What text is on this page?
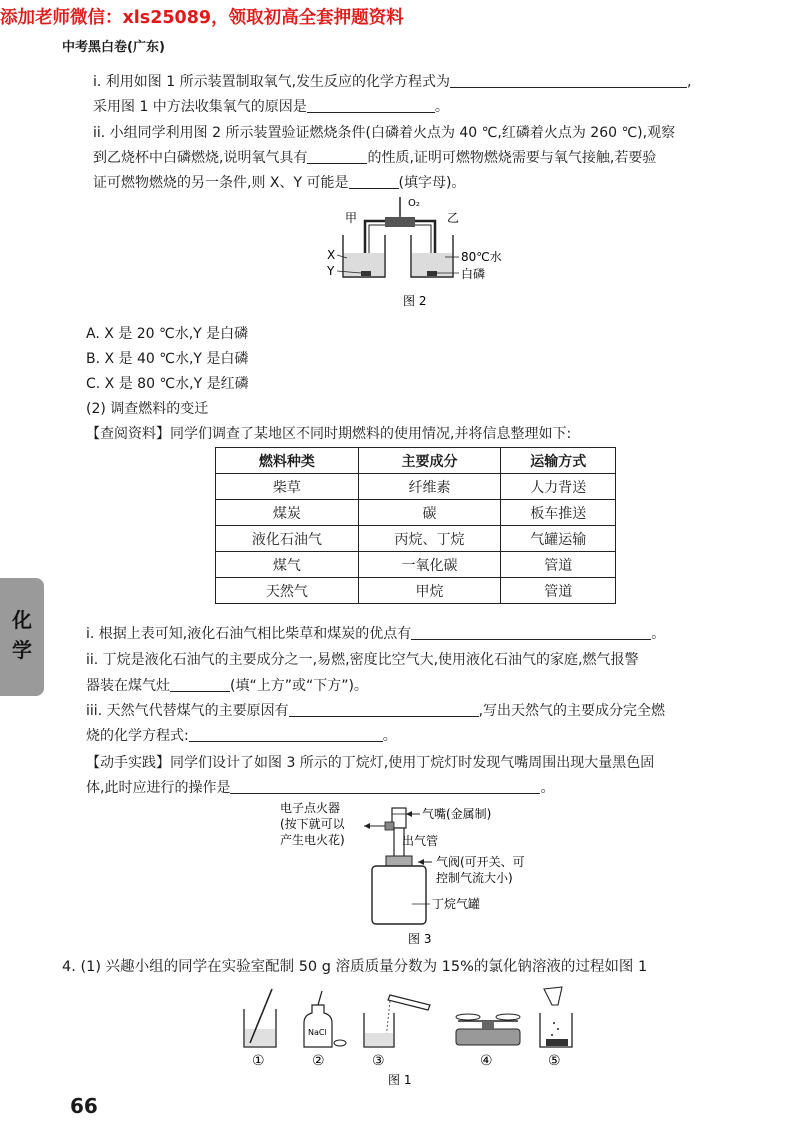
添加老师微信：xls25089，领取初高全套押题资料
中考黑白卷(广东)
i. 利用如图 1 所示装置制取氧气,发生反应的化学方程式为	,
采用图 1 中方法收集氧气的原因是	。
ii. 小组同学利用图 2 所示装置验证燃烧条件(白磷着火点为 40 ℃,红磷着火点为 260 ℃),观察
到乙烧杯中白磷燃烧,说明氧气具有	的性质,证明可燃物燃烧需要与氧气接触,若要验
证可燃物燃烧的另一条件,则 X、Y 可能是	(填字母)。
甲	乙
O₂
X
Y
80℃水
白磷
图 2
A. X 是 20 ℃水,Y 是白磷
B. X 是 40 ℃水,Y 是白磷
C. X 是 80 ℃水,Y 是红磷
(2) 调查燃料的变迁
【查阅资料】同学们调查了某地区不同时期燃料的使用情况,并将信息整理如下:
燃料种类	主要成分	运输方式
柴草	纤维素	人力背送
煤炭	碳	板车推送
液化石油气	丙烷、丁烷	气罐运输
煤气	一氧化碳	管道
天然气	甲烷	管道
化
学
i. 根据上表可知,液化石油气相比柴草和煤炭的优点有	。
ii. 丁烷是液化石油气的主要成分之一,易燃,密度比空气大,使用液化石油气的家庭,燃气报警
器装在煤气灶	(填“上方”或“下方”)。
iii. 天然气代替煤气的主要原因有	,写出天然气的主要成分完全燃
烧的化学方程式:	。
【动手实践】同学们设计了如图 3 所示的丁烷灯,使用丁烷灯时发现气嘴周围出现大量黑色固
体,此时应进行的操作是	。
电子点火器
(按下就可以
产生电火花)
气嘴(金属制)
出气管
气阀(可开关、可
控制气流大小)
丁烷气罐
图 3
4. (1) 兴趣小组的同学在实验室配制 50 g 溶质质量分数为 15%的氯化钠溶液的过程如图 1
NaCl
①	②	③	④	⑤
图 1
66
